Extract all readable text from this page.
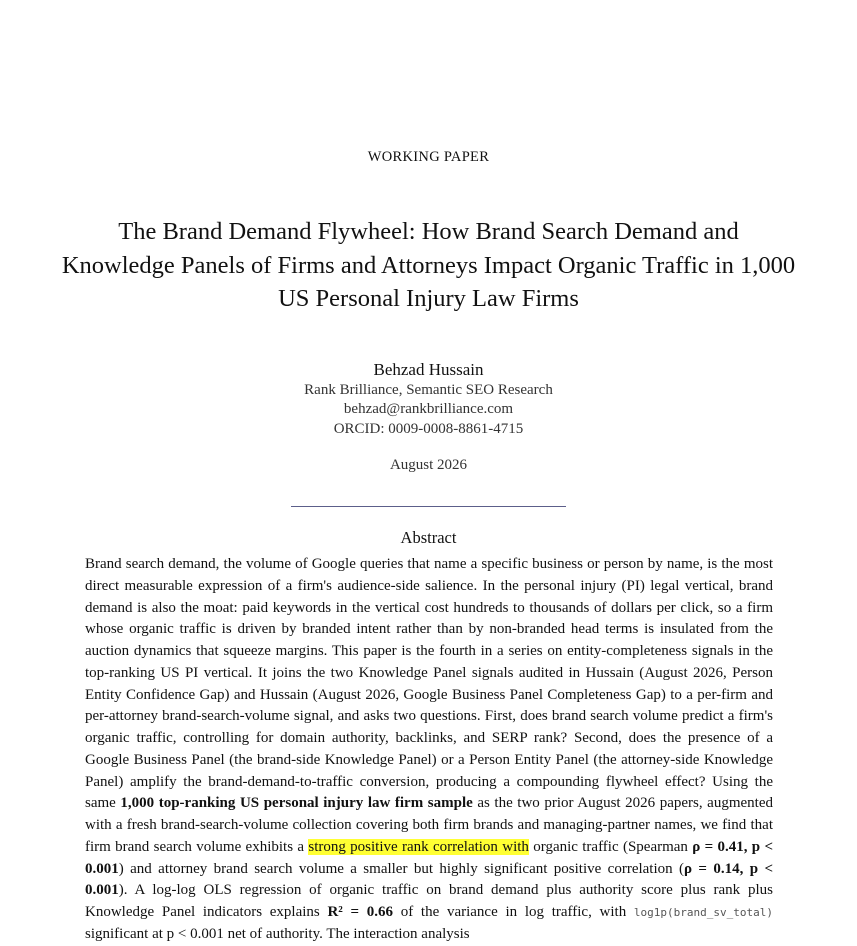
WORKING PAPER
The Brand Demand Flywheel: How Brand Search Demand and Knowledge Panels of Firms and Attorneys Impact Organic Traffic in 1,000 US Personal Injury Law Firms
Behzad Hussain
Rank Brilliance, Semantic SEO Research
behzad@rankbrilliance.com
ORCID: 0009-0008-8861-4715
August 2026
Abstract

Brand search demand, the volume of Google queries that name a specific business or person by name, is the most direct measurable expression of a firm's audience-side salience. In the personal injury (PI) legal vertical, brand demand is also the moat: paid keywords in the vertical cost hundreds to thousands of dollars per click, so a firm whose organic traffic is driven by branded intent rather than by non-branded head terms is insulated from the auction dynamics that squeeze margins. This paper is the fourth in a series on entity-completeness signals in the top-ranking US PI vertical. It joins the two Knowledge Panel signals audited in Hussain (August 2026, Person Entity Confidence Gap) and Hussain (August 2026, Google Business Panel Completeness Gap) to a per-firm and per-attorney brand-search-volume signal, and asks two questions. First, does brand search volume predict a firm's organic traffic, controlling for domain authority, backlinks, and SERP rank? Second, does the presence of a Google Business Panel (the brand-side Knowledge Panel) or a Person Entity Panel (the attorney-side Knowledge Panel) amplify the brand-demand-to-traffic conversion, producing a compounding flywheel effect? Using the same 1,000 top-ranking US personal injury law firm sample as the two prior August 2026 papers, augmented with a fresh brand-search-volume collection covering both firm brands and managing-partner names, we find that firm brand search volume exhibits a strong positive rank correlation with organic traffic (Spearman ρ = 0.41, p < 0.001) and attorney brand search volume a smaller but highly significant positive correlation (ρ = 0.14, p < 0.001). A log-log OLS regression of organic traffic on brand demand plus authority score plus rank plus Knowledge Panel indicators explains R² = 0.66 of the variance in log traffic, with log1p(brand_sv_total) significant at p < 0.001 net of authority. The interaction analysis
